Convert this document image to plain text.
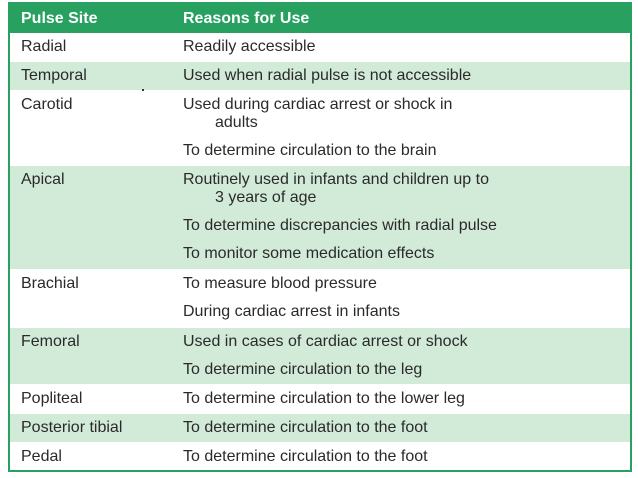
Pulse Site	Reasons for Use
Radial	Readily accessible
Temporal	Used when radial pulse is not accessible
Carotid	Used during cardiac arrest or shock in
adults
To determine circulation to the brain
Apical	Routinely used in infants and children up to
3 years of age
To determine discrepancies with radial pulse
To monitor some medication effects
Brachial	To measure blood pressure
During cardiac arrest in infants
Femoral	Used in cases of cardiac arrest or shock
To determine circulation to the leg
Popliteal	To determine circulation to the lower leg
Posterior tibial	To determine circulation to the foot
Pedal	To determine circulation to the foot
